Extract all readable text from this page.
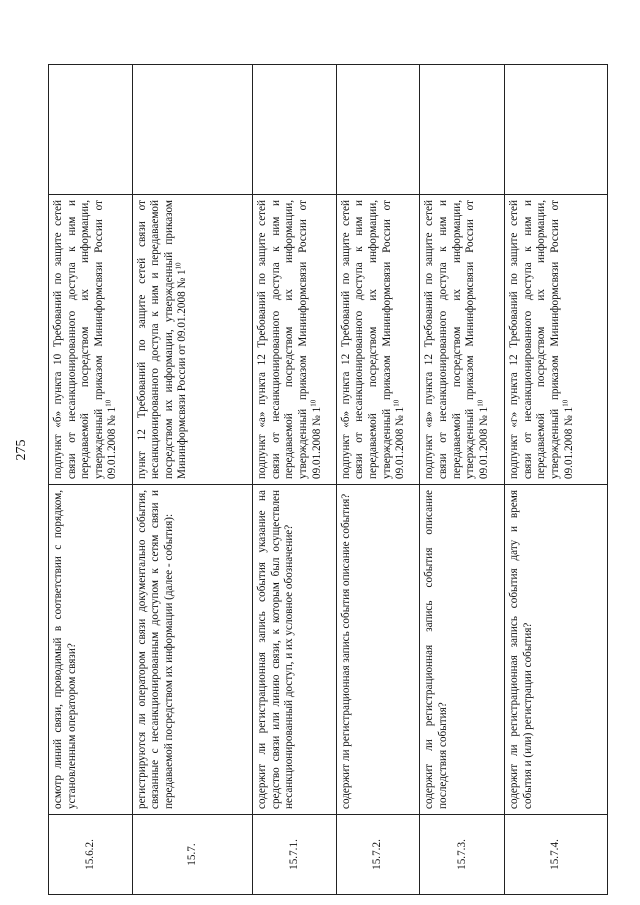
275
15.6.2.	осмотр линий связи, проводимый в соответствии с порядком, установленным оператором связи?	подпункт «б» пункта 10 Требований по защите сетей связи от несанкционированного доступа к ним и передаваемой посредством их информации, утвержденный приказом Мининформсвязи России от 09.01.2008 № $1^{10}$	
15.7.	регистрируются ли оператором связи документально события, связанные с несанкционированным доступом к сетям связи и передаваемой посредством их информации (далее - события):	пункт 12 Требований по защите сетей связи от несанкционированного доступа к ним и передаваемой посредством их информации, утвержденный приказом Мининформсвязи России от 09.01.2008 № $1^{10}$	
15.7.1.	содержит ли регистрационная запись события указание на средство связи или линию связи, к которым был осуществлен несанкционированный доступ, и их условное обозначение?	подпункт «а» пункта 12 Требований по защите сетей связи от несанкционированного доступа к ним и передаваемой посредством их информации, утвержденный приказом Мининформсвязи России от 09.01.2008 № $1^{10}$	
15.7.2.	содержит ли регистрационная запись события описание события?	подпункт «б» пункта 12 Требований по защите сетей связи от несанкционированного доступа к ним и передаваемой посредством их информации, утвержденный приказом Мининформсвязи России от 09.01.2008 № $1^{10}$	
15.7.3.	содержит ли регистрационная запись события описание последствия события?	подпункт «в» пункта 12 Требований по защите сетей связи от несанкционированного доступа к ним и передаваемой посредством их информации, утвержденный приказом Мининформсвязи России от 09.01.2008 № $1^{10}$	
15.7.4.	содержит ли регистрационная запись события дату и время события и (или) регистрации события?	подпункт «г» пункта 12 Требований по защите сетей связи от несанкционированного доступа к ним и передаваемой посредством их информации, утвержденный приказом Мининформсвязи России от 09.01.2008 № $1^{10}$	
